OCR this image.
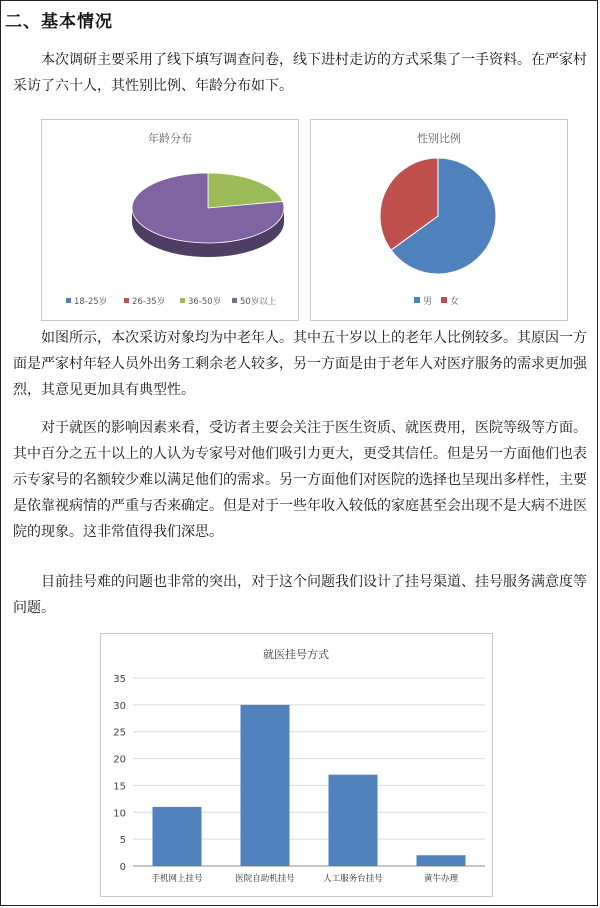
二、基本情况

本次调研主要采用了线下填写调查问卷，线下进村走访的方式采集了一手资料。在严家村采访了六十人，其性别比例、年龄分布如下。

年龄分布
18-25岁	26-35岁	36-50岁 50岁以上
性别比例
男 女

如图所示，本次采访对象均为中老年人。其中五十岁以上的老年人比例较多。其原因一方面是严家村年轻人员外出务工剩余老人较多，另一方面是由于老年人对医疗服务的需求更加强烈，其意见更加具有典型性。

对于就医的影响因素来看，受访者主要会关注于医生资质、就医费用，医院等级等方面。其中百分之五十以上的人认为专家号对他们吸引力更大，更受其信任。但是另一方面他们也表示专家号的名额较少难以满足他们的需求。另一方面他们对医院的选择也呈现出多样性，主要是依靠视病情的严重与否来确定。但是对于一些年收入较低的家庭甚至会出现不是大病不进医院的现象。这非常值得我们深思。

目前挂号难的问题也非常的突出，对于这个问题我们设计了挂号渠道、挂号服务满意度等问题。

就医挂号方式
0
5
10
15
20
25
30
35
手机网上挂号	医院自助机挂号	人工服务台挂号	黄牛办理
